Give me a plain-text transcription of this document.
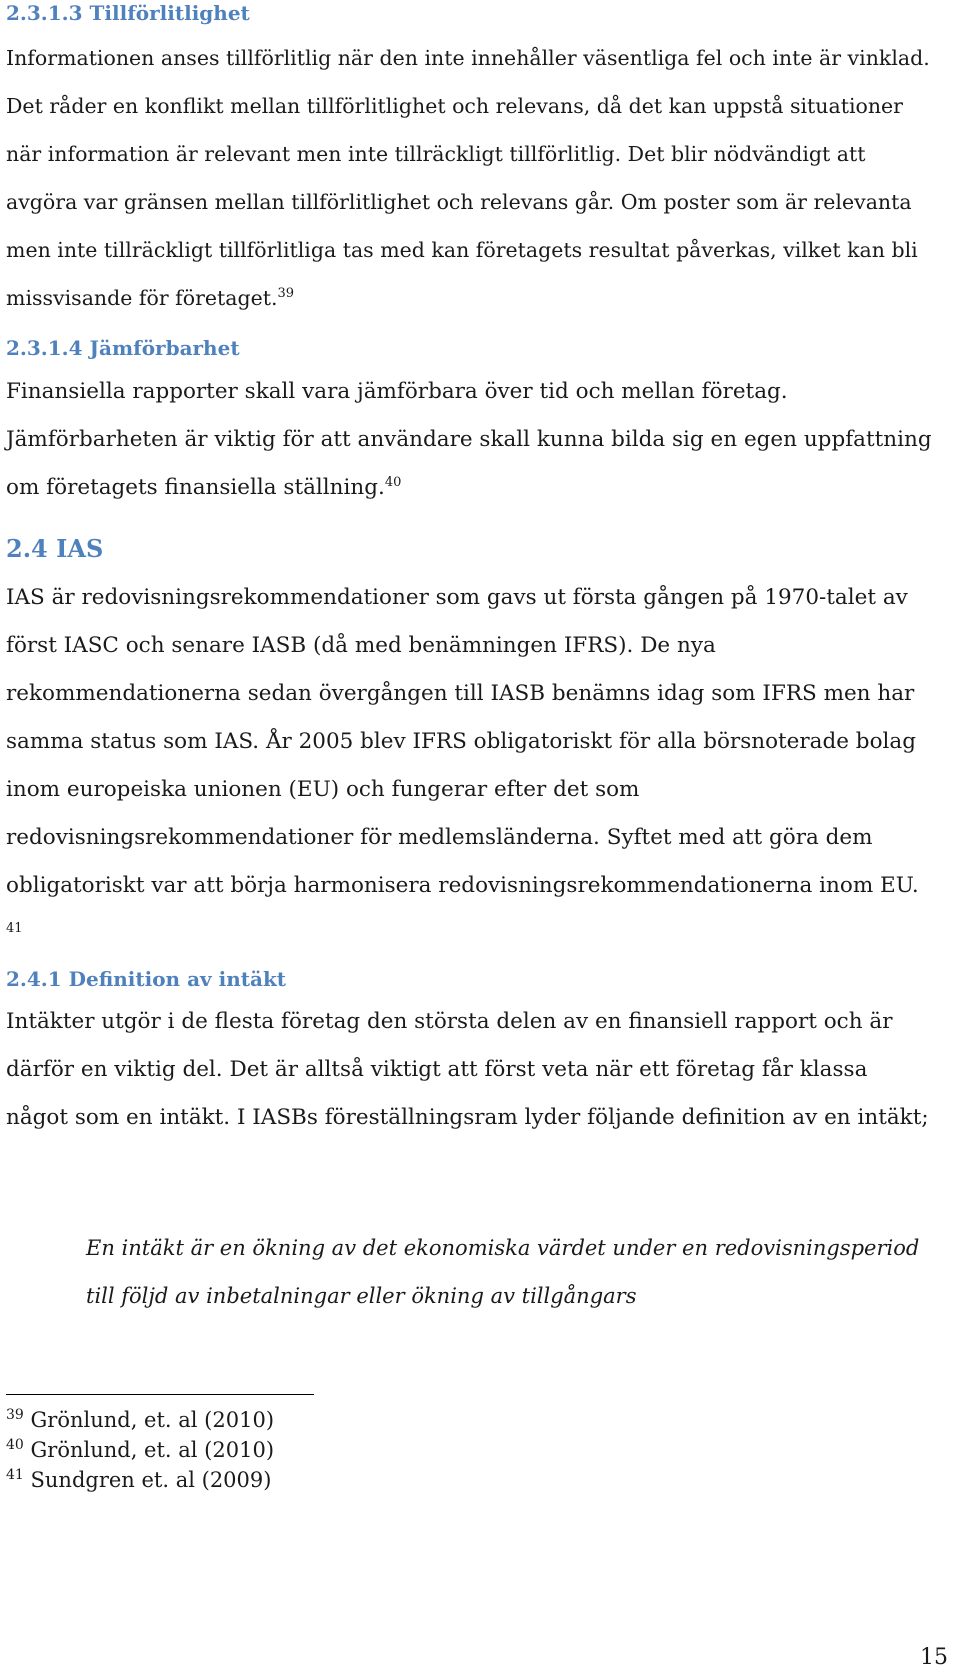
2.3.1.3 Tillförlitlighet

Informationen anses tillförlitlig när den inte innehåller väsentliga fel och inte är vinklad. Det råder en konflikt mellan tillförlitlighet och relevans, då det kan uppstå situationer när information är relevant men inte tillräckligt tillförlitlig. Det blir nödvändigt att avgöra var gränsen mellan tillförlitlighet och relevans går. Om poster som är relevanta men inte tillräckligt tillförlitliga tas med kan företagets resultat påverkas, vilket kan bli missvisande för företaget.$^{39}$

2.3.1.4 Jämförbarhet

Finansiella rapporter skall vara jämförbara över tid och mellan företag. Jämförbarheten är viktig för att användare skall kunna bilda sig en egen uppfattning om företagets finansiella ställning.$^{40}$

2.4 IAS

IAS är redovisningsrekommendationer som gavs ut första gången på 1970-talet av först IASC och senare IASB (då med benämningen IFRS). De nya rekommendationerna sedan övergången till IASB benämns idag som IFRS men har samma status som IAS. År 2005 blev IFRS obligatoriskt för alla börsnoterade bolag inom europeiska unionen (EU) och fungerar efter det som redovisningsrekommendationer för medlemsländerna. Syftet med att göra dem obligatoriskt var att börja harmonisera redovisningsrekommendationerna inom EU. $^{41}$

2.4.1 Definition av intäkt

Intäkter utgör i de flesta företag den största delen av en finansiell rapport och är därför en viktig del. Det är alltså viktigt att först veta när ett företag får klassa något som en intäkt. I IASBs föreställningsram lyder följande definition av en intäkt;

En intäkt är en ökning av det ekonomiska värdet under en redovisningsperiod till följd av inbetalningar eller ökning av tillgångars

$^{39}$ Grönlund, et. al (2010)
$^{40}$ Grönlund, et. al (2010)
$^{41}$ Sundgren et. al (2009)
15
